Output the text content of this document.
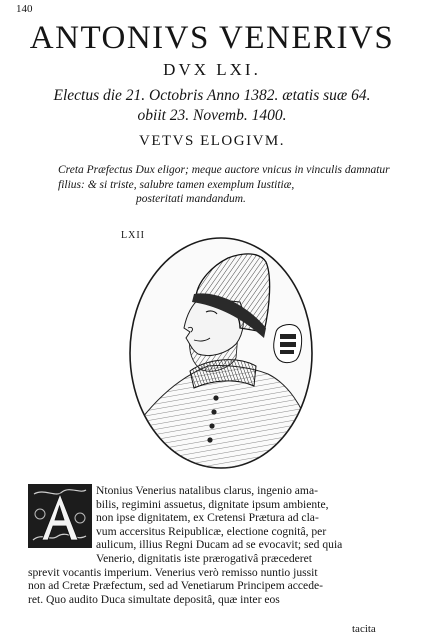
140
ANTONIVS VENERIVS
DVX LXI.
Electus die 21. Octobris Anno 1382. ætatis suæ 64.
obiit 23. Novemb. 1400.
VETVS ELOGIVM.
Creta Præfectus Dux eligor; meque auctore vnicus in vinculis damnatur
filius: & si triste, salubre tamen exemplum Iustitiæ,
posteritati mandandum.
LXII
Ntonius Venerius natalibus clarus, ingenio ama-
bilis, regimini assuetus, dignitate ipsum ambiente,
non ipse dignitatem, ex Cretensi Prætura ad cla-
vum accersitus Reipublicæ, electione cognitâ, per
aulicum, illius Regni Ducam ad se evocavit; sed quia
Venerio, dignitatis iste prærogativâ præcederet
sprevit vocantis imperium. Venerius verò remisso nuntio jussit
non ad Cretæ Præfectum, sed ad Venetiarum Principem accede-
ret. Quo audito Duca simultate depositâ, quæ inter eos
tacita
